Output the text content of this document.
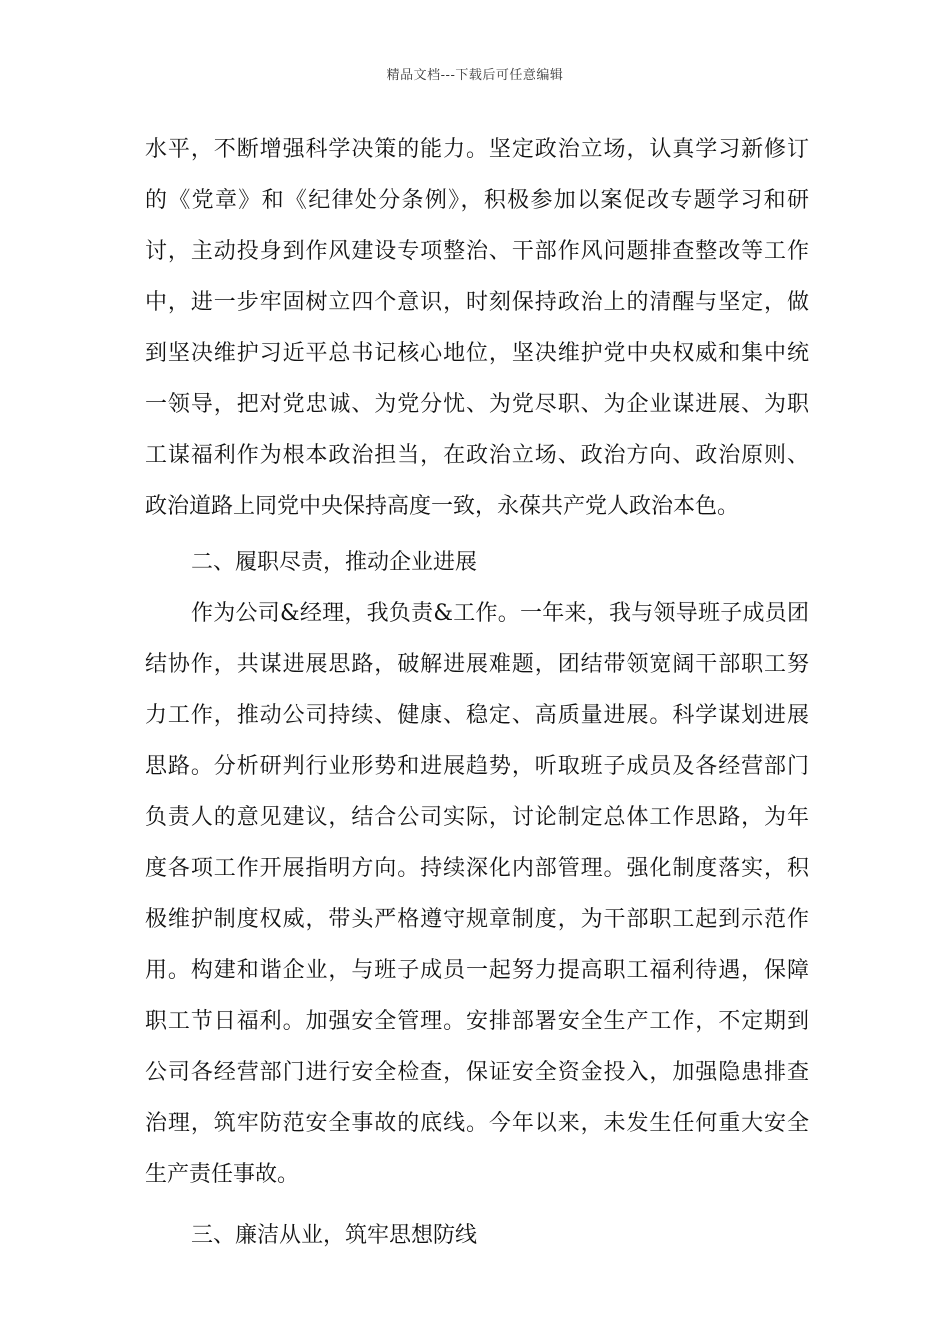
精品文档---下载后可任意编辑
水平，不断增强科学决策的能力。坚定政治立场，认真学习新修订
的《党章》和《纪律处分条例》，积极参加以案促改专题学习和研
讨，主动投身到作风建设专项整治、干部作风问题排查整改等工作
中，进一步牢固树立四个意识，时刻保持政治上的清醒与坚定，做
到坚决维护习近平总书记核心地位，坚决维护党中央权威和集中统
一领导，把对党忠诚、为党分忧、为党尽职、为企业谋进展、为职
工谋福利作为根本政治担当，在政治立场、政治方向、政治原则、
政治道路上同党中央保持高度一致，永葆共产党人政治本色。
二、履职尽责，推动企业进展
作为公司&经理，我负责&工作。一年来，我与领导班子成员团
结协作，共谋进展思路，破解进展难题，团结带领宽阔干部职工努
力工作，推动公司持续、健康、稳定、高质量进展。科学谋划进展
思路。分析研判行业形势和进展趋势，听取班子成员及各经营部门
负责人的意见建议，结合公司实际，讨论制定总体工作思路，为年
度各项工作开展指明方向。持续深化内部管理。强化制度落实，积
极维护制度权威，带头严格遵守规章制度，为干部职工起到示范作
用。构建和谐企业，与班子成员一起努力提高职工福利待遇，保障
职工节日福利。加强安全管理。安排部署安全生产工作，不定期到
公司各经营部门进行安全检查，保证安全资金投入，加强隐患排查
治理，筑牢防范安全事故的底线。今年以来，未发生任何重大安全
生产责任事故。
三、廉洁从业，筑牢思想防线
